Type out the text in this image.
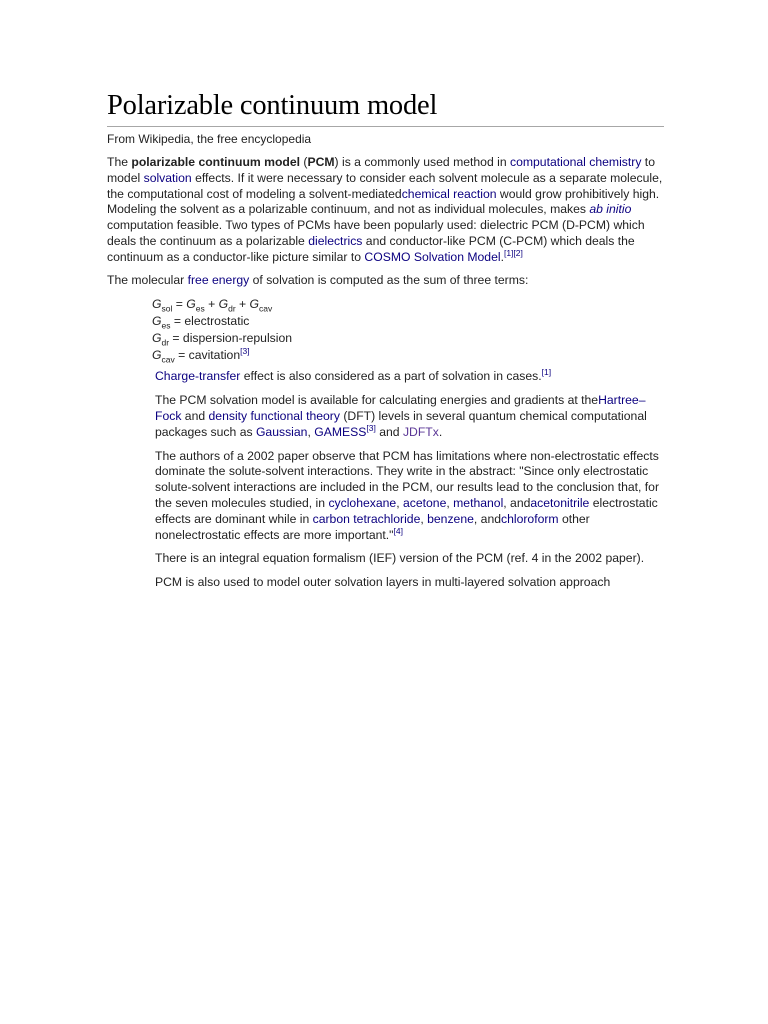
Polarizable continuum model
From Wikipedia, the free encyclopedia

The polarizable continuum model (PCM) is a commonly used method in computational chemistry to model solvation effects. If it were necessary to consider each solvent molecule as a separate molecule, the computational cost of modeling a solvent-mediatedchemical reaction would grow prohibitively high. Modeling the solvent as a polarizable continuum, and not as individual molecules, makes ab initio computation feasible. Two types of PCMs have been popularly used: dielectric PCM (D-PCM) which deals the continuum as a polarizable dielectrics and conductor-like PCM (C-PCM) which deals the continuum as a conductor-like picture similar to COSMO Solvation Model.[1][2]

The molecular free energy of solvation is computed as the sum of three terms:

$G_{sol} = G_{es} + G_{dr} + G_{cav}$
$G_{es}$ = electrostatic
$G_{dr}$ = dispersion-repulsion
$G_{cav}$ = cavitation[3]

Charge-transfer effect is also considered as a part of solvation in cases.[1]

The PCM solvation model is available for calculating energies and gradients at theHartree–Fock and density functional theory (DFT) levels in several quantum chemical computational packages such as Gaussian, GAMESS[3] and JDFTx.

The authors of a 2002 paper observe that PCM has limitations where non-electrostatic effects dominate the solute-solvent interactions. They write in the abstract: "Since only electrostatic solute-solvent interactions are included in the PCM, our results lead to the conclusion that, for the seven molecules studied, in cyclohexane, acetone, methanol, andacetonitrile electrostatic effects are dominant while in carbon tetrachloride, benzene, andchloroform other nonelectrostatic effects are more important."[4]

There is an integral equation formalism (IEF) version of the PCM (ref. 4 in the 2002 paper).

PCM is also used to model outer solvation layers in multi-layered solvation approach
